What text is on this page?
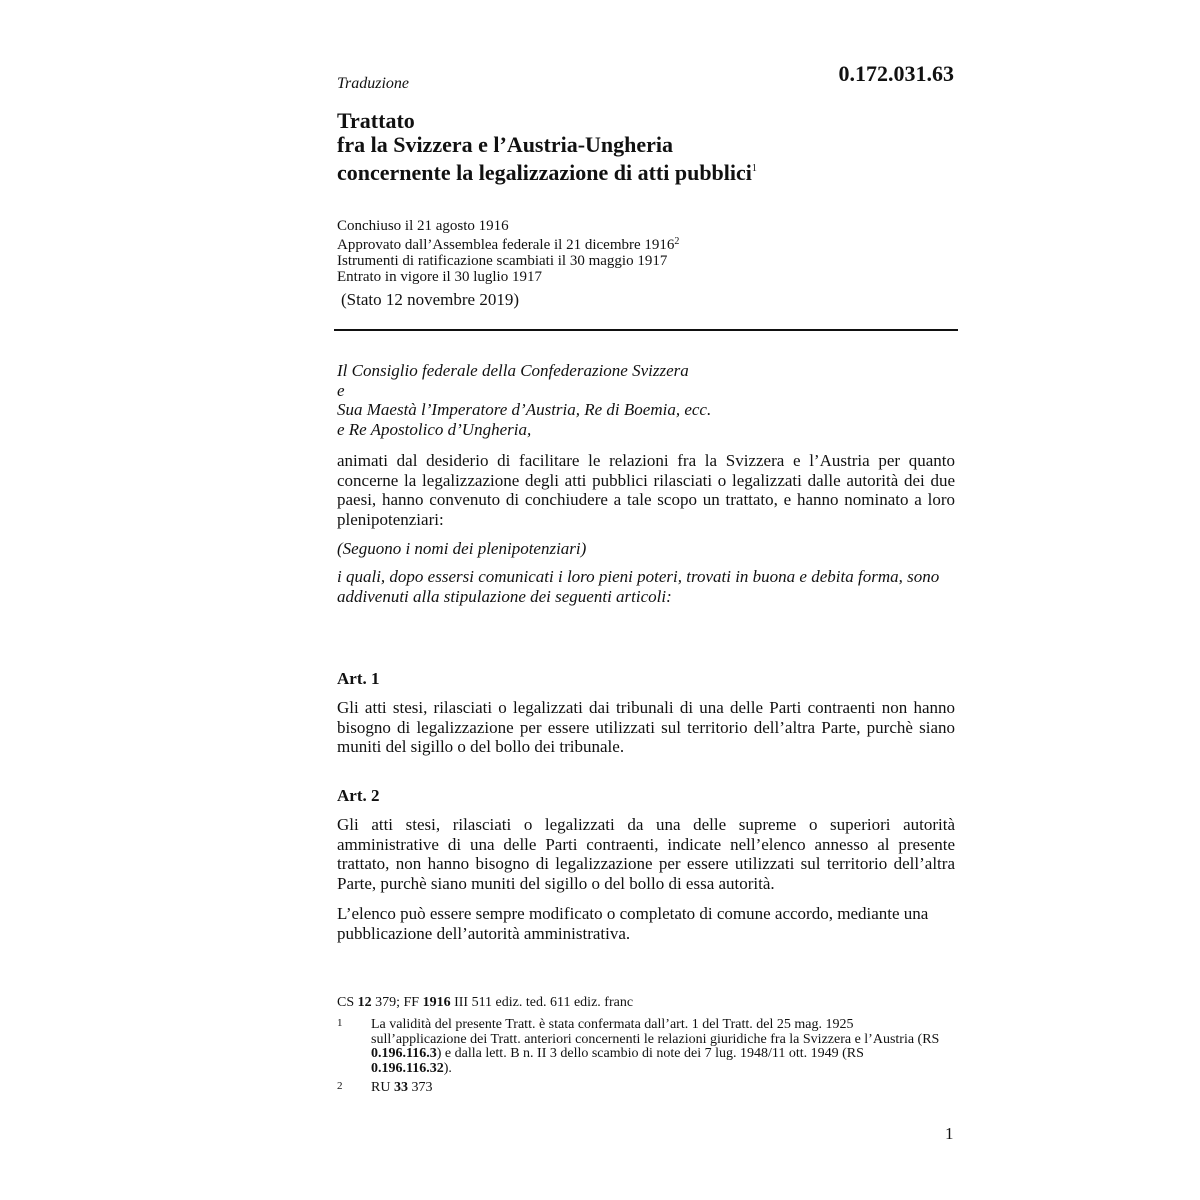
Traduzione	0.172.031.63
Trattato
fra la Svizzera e l’Austria-Ungheria
concernente la legalizzazione di atti pubblici$^1$
Conchiuso il 21 agosto 1916
Approvato dall’Assemblea federale il 21 dicembre 1916$^2$
Istrumenti di ratificazione scambiati il 30 maggio 1917
Entrato in vigore il 30 luglio 1917
(Stato 12 novembre 2019)
Il Consiglio federale della Confederazione Svizzera
e
Sua Maestà l’Imperatore d’Austria, Re di Boemia, ecc.
e Re Apostolico d’Ungheria,
animati dal desiderio di facilitare le relazioni fra la Svizzera e l’Austria per quanto concerne la legalizzazione degli atti pubblici rilasciati o legalizzati dalle autorità dei due paesi, hanno convenuto di conchiudere a tale scopo un trattato, e hanno nominato a loro plenipotenziari:
(Seguono i nomi dei plenipotenziari)
i quali, dopo essersi comunicati i loro pieni poteri, trovati in buona e debita forma, sono addivenuti alla stipulazione dei seguenti articoli:
Art. 1
Gli atti stesi, rilasciati o legalizzati dai tribunali di una delle Parti contraenti non hanno bisogno di legalizzazione per essere utilizzati sul territorio dell’altra Parte, purchè siano muniti del sigillo o del bollo dei tribunale.
Art. 2
Gli atti stesi, rilasciati o legalizzati da una delle supreme o superiori autorità amministrative di una delle Parti contraenti, indicate nell’elenco annesso al presente trattato, non hanno bisogno di legalizzazione per essere utilizzati sul territorio dell’altra Parte, purchè siano muniti del sigillo o del bollo di essa autorità.
L’elenco può essere sempre modificato o completato di comune accordo, mediante una pubblicazione dell’autorità amministrativa.
CS 12 379; FF 1916 III 511 ediz. ted. 611 ediz. franc
1 La validità del presente Tratt. è stata confermata dall’art. 1 del Tratt. del 25 mag. 1925 sull’applicazione dei Tratt. anteriori concernenti le relazioni giuridiche fra la Svizzera e l’Austria (RS 0.196.116.3) e dalla lett. B n. II 3 dello scambio di note dei 7 lug. 1948/11 ott. 1949 (RS 0.196.116.32).
2 RU 33 373
1
